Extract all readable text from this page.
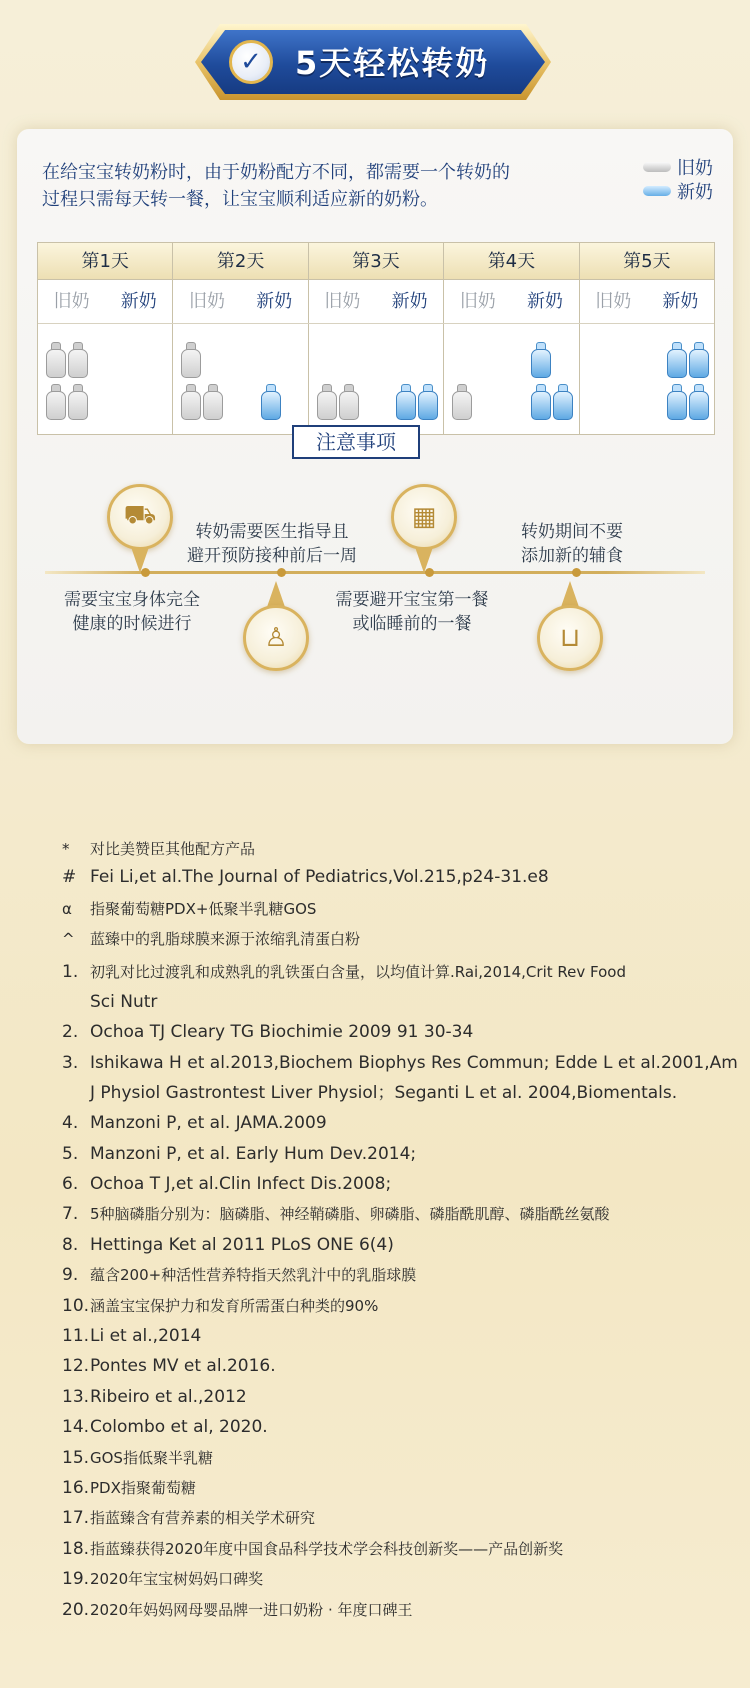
✓	5天轻松转奶
在给宝宝转奶粉时，由于奶粉配方不同，都需要一个转奶的过程只需每天转一餐，让宝宝顺利适应新的奶粉。
旧奶
新奶
第1天	第2天	第3天	第4天	第5天
旧奶	新奶	旧奶	新奶	旧奶	新奶	旧奶	新奶	旧奶	新奶
注意事项
⛟
♙
▦
⊔
需要宝宝身体完全
健康的时候进行
转奶需要医生指导且
避开预防接种前后一周
需要避开宝宝第一餐
或临睡前的一餐
转奶期间不要
添加新的辅食
* 对比美赞臣其他配方产品
# Fei Li,et al.The Journal of Pediatrics,Vol.215,p24-31.e8
α 指聚葡萄糖PDX+低聚半乳糖GOS
^ 蓝臻中的乳脂球膜来源于浓缩乳清蛋白粉
1. 初乳对比过渡乳和成熟乳的乳铁蛋白含量，以均值计算.Rai,2014,Crit Rev Food
Sci Nutr
2. Ochoa TJ Cleary TG Biochimie 2009 91 30-34
3. Ishikawa H et al.2013,Biochem Biophys Res Commun; Edde L et al.2001,Am
J Physiol Gastrontest Liver Physiol；Seganti L et al. 2004,Biomentals.
4. Manzoni P, et al. JAMA.2009
5. Manzoni P, et al. Early Hum Dev.2014;
6. Ochoa T J,et al.Clin Infect Dis.2008;
7. 5种脑磷脂分别为：脑磷脂、神经鞘磷脂、卵磷脂、磷脂酰肌醇、磷脂酰丝氨酸
8. Hettinga Ket al 2011 PLoS ONE 6(4)
9. 蕴含200+种活性营养特指天然乳汁中的乳脂球膜
10.涵盖宝宝保护力和发育所需蛋白种类的90%
11.Li et al.,2014
12.Pontes MV et al.2016.
13.Ribeiro et al.,2012
14.Colombo et al, 2020.
15.GOS指低聚半乳糖
16.PDX指聚葡萄糖
17.指蓝臻含有营养素的相关学术研究
18.指蓝臻获得2020年度中国食品科学技术学会科技创新奖——产品创新奖
19.2020年宝宝树妈妈口碑奖
20.2020年妈妈网母婴品牌一进口奶粉 · 年度口碑王
